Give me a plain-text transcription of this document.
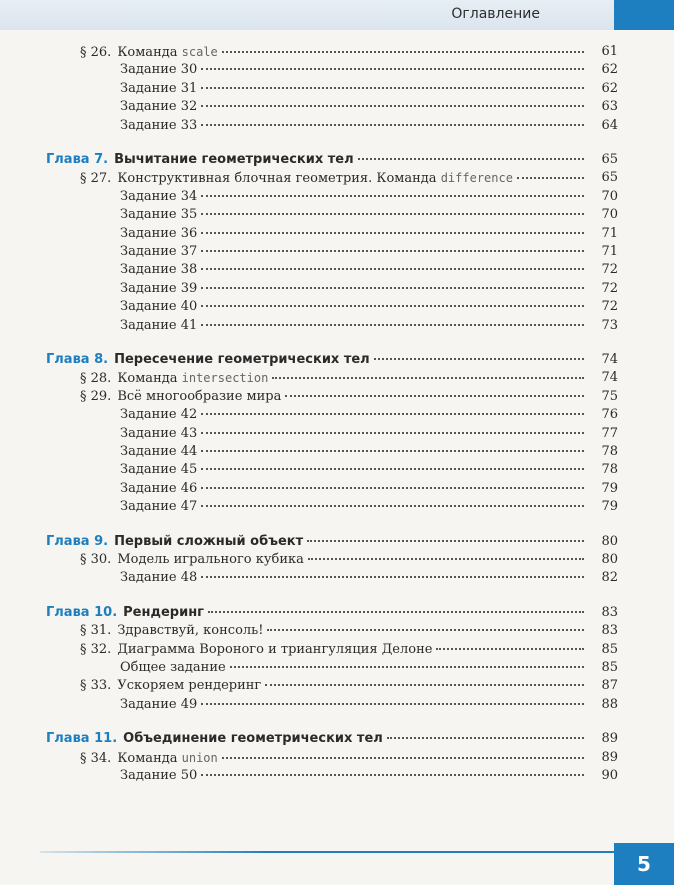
Оглавление
§ 26. Команда scale	61
Задание 30	62
Задание 31	62
Задание 32	63
Задание 33	64
Глава 7. Вычитание геометрических тел	65
§ 27. Конструктивная блочная геометрия. Команда difference	65
Задание 34	70
Задание 35	70
Задание 36	71
Задание 37	71
Задание 38	72
Задание 39	72
Задание 40	72
Задание 41	73
Глава 8. Пересечение геометрических тел	74
§ 28. Команда intersection	74
§ 29. Всё многообразие мира	75
Задание 42	76
Задание 43	77
Задание 44	78
Задание 45	78
Задание 46	79
Задание 47	79
Глава 9. Первый сложный объект	80
§ 30. Модель игрального кубика	80
Задание 48	82
Глава 10. Рендеринг	83
§ 31. Здравствуй, консоль!	83
§ 32. Диаграмма Вороного и триангуляция Делоне	85
Общее задание	85
§ 33. Ускоряем рендеринг	87
Задание 49	88
Глава 11. Объединение геометрических тел	89
§ 34. Команда union	89
Задание 50	90
5
